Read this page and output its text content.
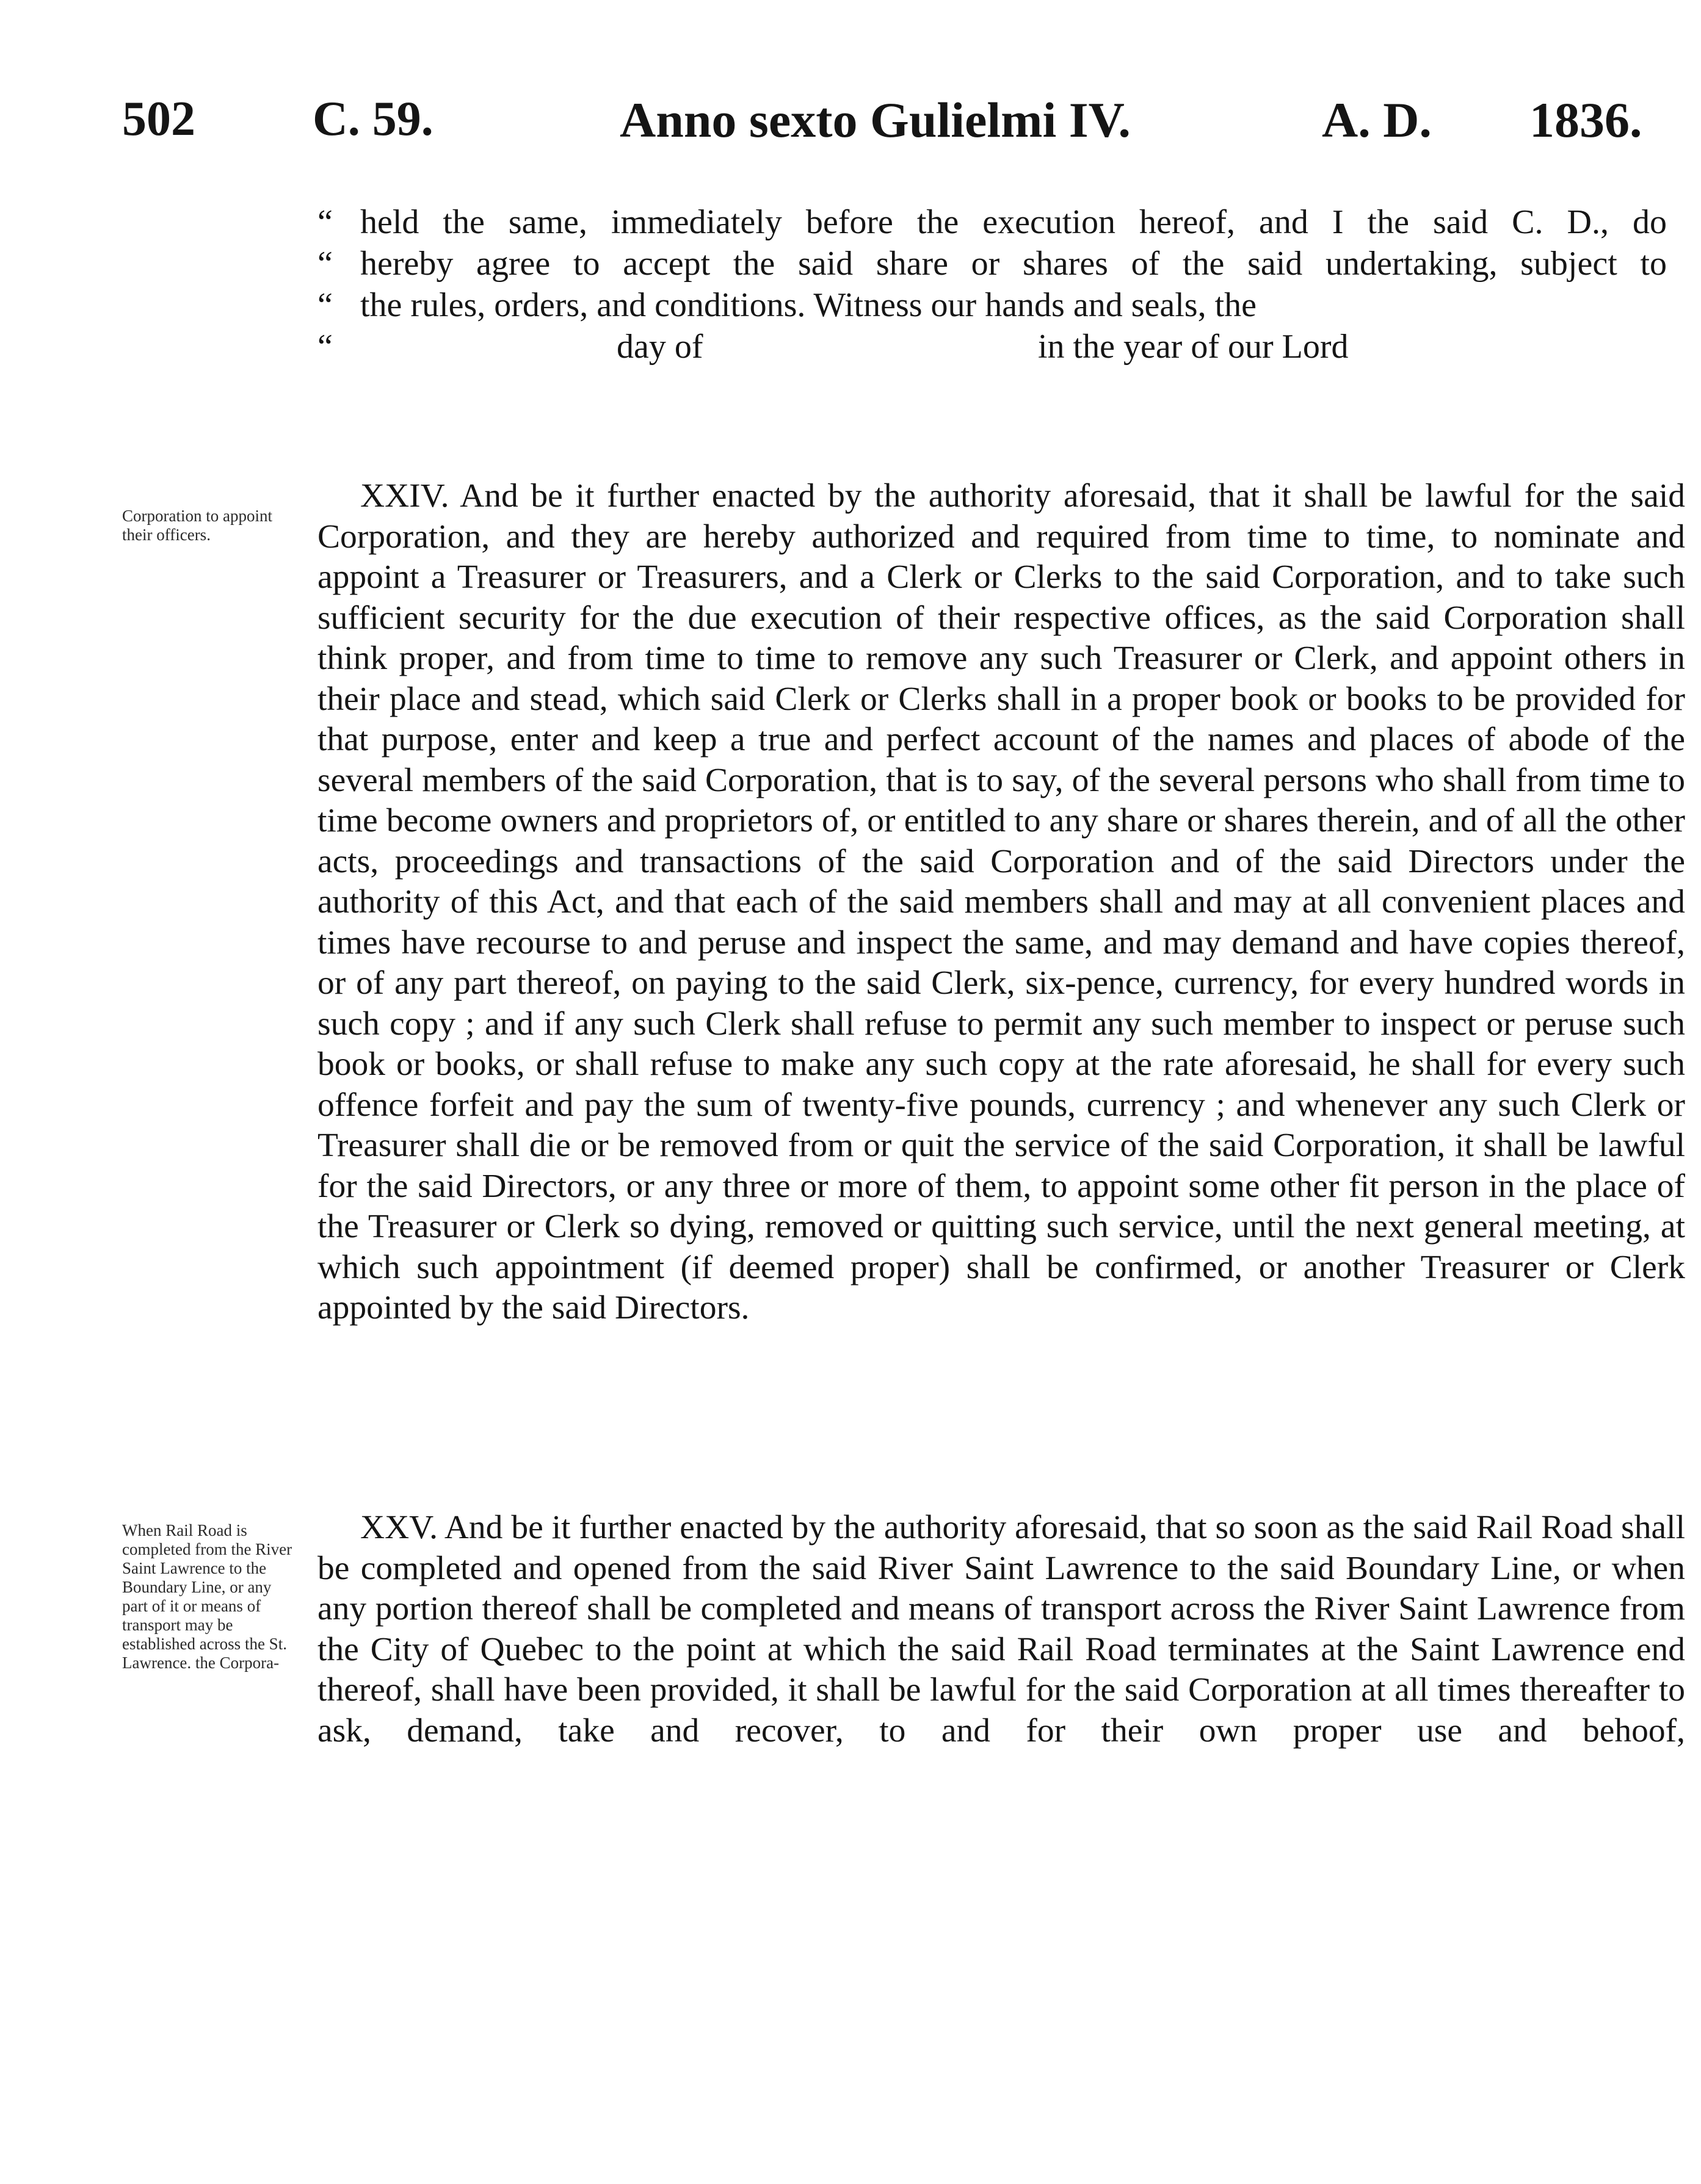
502 C. 59.	Anno sexto Gulielmi IV.	A. D. 1836.
“ held the same, immediately before the execution hereof, and I the said C. D., do
“ hereby agree to accept the said share or shares of the said undertaking, subject to
“ the rules, orders, and conditions. Witness our hands and seals, the
“	day of	in the year of our Lord
Corporation to appoint their officers.

XXIV. And be it further enacted by the authority aforesaid, that it shall be lawful for the said Corporation, and they are hereby authorized and required from time to time, to nominate and appoint a Treasurer or Treasurers, and a Clerk or Clerks to the said Corporation, and to take such sufficient security for the due execution of their respective offices, as the said Corporation shall think proper, and from time to time to remove any such Treasurer or Clerk, and appoint others in their place and stead, which said Clerk or Clerks shall in a proper book or books to be provided for that purpose, enter and keep a true and perfect account of the names and places of abode of the several members of the said Corporation, that is to say, of the several persons who shall from time to time become owners and proprietors of, or entitled to any share or shares therein, and of all the other acts, proceedings and transactions of the said Corporation and of the said Directors under the authority of this Act, and that each of the said members shall and may at all convenient places and times have recourse to and peruse and inspect the same, and may demand and have copies thereof, or of any part thereof, on paying to the said Clerk, six-pence, currency, for every hundred words in such copy ; and if any such Clerk shall refuse to permit any such member to inspect or peruse such book or books, or shall refuse to make any such copy at the rate aforesaid, he shall for every such offence forfeit and pay the sum of twenty-five pounds, currency ; and whenever any such Clerk or Treasurer shall die or be removed from or quit the service of the said Corporation, it shall be lawful for the said Directors, or any three or more of them, to appoint some other fit person in the place of the Treasurer or Clerk so dying, removed or quitting such service, until the next general meeting, at which such appointment (if deemed proper) shall be confirmed, or another Treasurer or Clerk appointed by the said Directors.

When Rail Road is completed from the River Saint Lawrence to the Boundary Line, or any part of it or means of transport may be established across the St. Lawrence. the Corpora-

XXV. And be it further enacted by the authority aforesaid, that so soon as the said Rail Road shall be completed and opened from the said River Saint Lawrence to the said Boundary Line, or when any portion thereof shall be completed and means of transport across the River Saint Lawrence from the City of Quebec to the point at which the said Rail Road terminates at the Saint Lawrence end thereof, shall have been provided, it shall be lawful for the said Corporation at all times thereafter to ask, demand, take and recover, to and for their own proper use and behoof,
